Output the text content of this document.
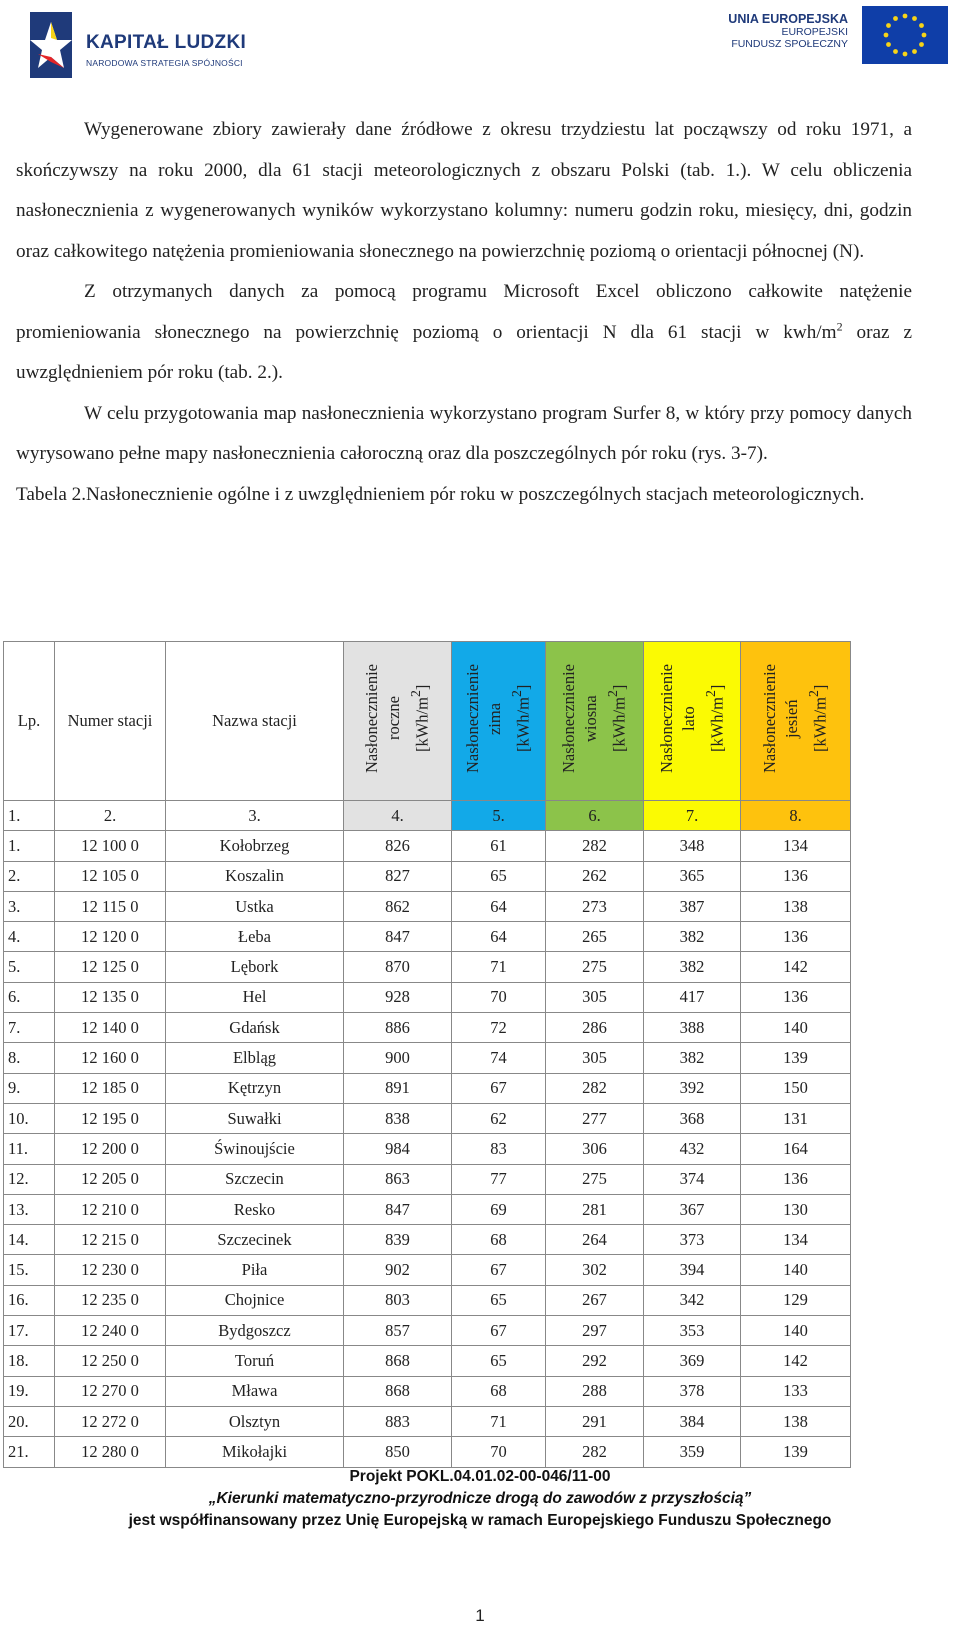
KAPITAŁ LUDZKI
NARODOWA STRATEGIA SPÓJNOŚCI
UNIA EUROPEJSKA
EUROPEJSKI
FUNDUSZ SPOŁECZNY

Wygenerowane zbiory zawierały dane źródłowe z okresu trzydziestu lat począwszy od roku 1971, a skończywszy na roku 2000, dla 61 stacji meteorologicznych z obszaru Polski (tab. 1.). W celu obliczenia nasłonecznienia z wygenerowanych wyników wykorzystano kolumny: numeru godzin roku, miesięcy, dni, godzin oraz całkowitego natężenia promieniowania słonecznego na powierzchnię poziomą o orientacji północnej (N).

Z otrzymanych danych za pomocą programu Microsoft Excel obliczono całkowite natężenie promieniowania słonecznego na powierzchnię poziomą o orientacji N dla 61 stacji w kwh/$m^2$ oraz z uwzględnieniem pór roku (tab. 2.).

W celu przygotowania map nasłonecznienia wykorzystano program Surfer 8, w który przy pomocy danych wyrysowano pełne mapy nasłonecznienia całoroczną oraz dla poszczególnych pór roku (rys. 3-7).

Tabela 2.Nasłonecznienie ogólne i z uwzględnieniem pór roku w poszczególnych stacjach meteorologicznych.

Lp.	Numer stacji	Nazwa stacji	Nasłonecznienie roczne $[kWh/m^2]$	Nasłonecznienie zima $[kWh/m^2]$	Nasłonecznienie wiosna $[kWh/m^2]$	Nasłonecznienie lato $[kWh/m^2]$	Nasłonecznienie jesień $[kWh/m^2]$
1.	2.	3.	4.	5.	6.	7.	8.
1.	12 100 0	Kołobrzeg	826	61	282	348	134
2.	12 105 0	Koszalin	827	65	262	365	136
3.	12 115 0	Ustka	862	64	273	387	138
4.	12 120 0	Łeba	847	64	265	382	136
5.	12 125 0	Lębork	870	71	275	382	142
6.	12 135 0	Hel	928	70	305	417	136
7.	12 140 0	Gdańsk	886	72	286	388	140
8.	12 160 0	Elbląg	900	74	305	382	139
9.	12 185 0	Kętrzyn	891	67	282	392	150
10.	12 195 0	Suwałki	838	62	277	368	131
11.	12 200 0	Świnoujście	984	83	306	432	164
12.	12 205 0	Szczecin	863	77	275	374	136
13.	12 210 0	Resko	847	69	281	367	130
14.	12 215 0	Szczecinek	839	68	264	373	134
15.	12 230 0	Piła	902	67	302	394	140
16.	12 235 0	Chojnice	803	65	267	342	129
17.	12 240 0	Bydgoszcz	857	67	297	353	140
18.	12 250 0	Toruń	868	65	292	369	142
19.	12 270 0	Mława	868	68	288	378	133
20.	12 272 0	Olsztyn	883	71	291	384	138
21.	12 280 0	Mikołajki	850	70	282	359	139
Projekt POKL.04.01.02-00-046/11-00
„Kierunki matematyczno-przyrodnicze drogą do zawodów z przyszłością”
jest współfinansowany przez Unię Europejską w ramach Europejskiego Funduszu Społecznego
1
